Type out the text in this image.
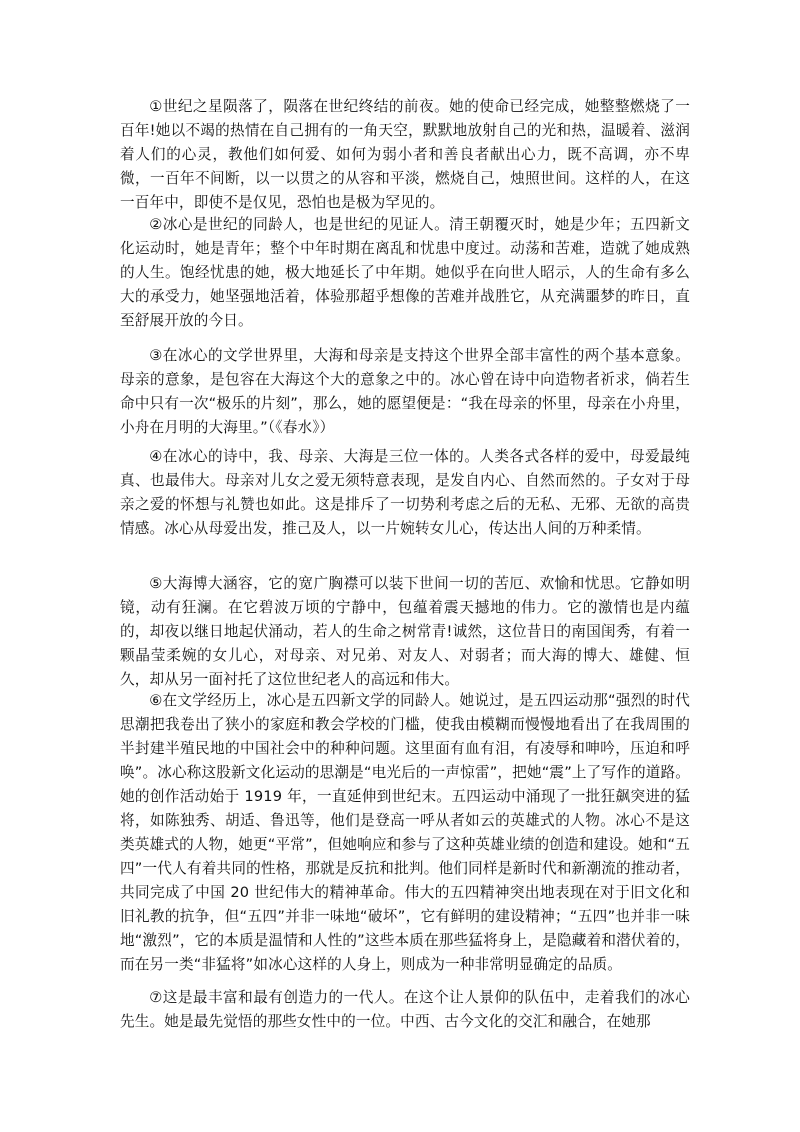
①世纪之星陨落了，陨落在世纪终结的前夜。她的使命已经完成，她整整燃烧了一百年!她以不竭的热情在自己拥有的一角天空，默默地放射自己的光和热，温暖着、滋润着人们的心灵，教他们如何爱、如何为弱小者和善良者献出心力，既不高调，亦不卑微，一百年不间断，以一以贯之的从容和平淡，燃烧自己，烛照世间。这样的人，在这一百年中，即使不是仅见，恐怕也是极为罕见的。

②冰心是世纪的同龄人，也是世纪的见证人。清王朝覆灭时，她是少年；五四新文化运动时，她是青年；整个中年时期在离乱和忧患中度过。动荡和苦难，造就了她成熟的人生。饱经忧患的她，极大地延长了中年期。她似乎在向世人昭示，人的生命有多么大的承受力，她坚强地活着，体验那超乎想像的苦难并战胜它，从充满噩梦的昨日，直至舒展开放的今日。

③在冰心的文学世界里，大海和母亲是支持这个世界全部丰富性的两个基本意象。母亲的意象，是包容在大海这个大的意象之中的。冰心曾在诗中向造物者祈求，倘若生命中只有一次“极乐的片刻”，那么，她的愿望便是：“我在母亲的怀里，母亲在小舟里，小舟在月明的大海里。”（《春水》）

④在冰心的诗中，我、母亲、大海是三位一体的。人类各式各样的爱中，母爱最纯真、也最伟大。母亲对儿女之爱无须特意表现，是发自内心、自然而然的。子女对于母亲之爱的怀想与礼赞也如此。这是排斥了一切势利考虑之后的无私、无邪、无欲的高贵情感。冰心从母爱出发，推己及人，以一片婉转女儿心，传达出人间的万种柔情。

⑤大海博大涵容，它的宽广胸襟可以装下世间一切的苦厄、欢愉和忧思。它静如明镜，动有狂澜。在它碧波万顷的宁静中，包蕴着震天撼地的伟力。它的激情也是内蕴的，却夜以继日地起伏涌动，若人的生命之树常青!诚然，这位昔日的南国闺秀，有着一颗晶莹柔婉的女儿心，对母亲、对兄弟、对友人、对弱者；而大海的博大、雄健、恒久，却从另一面衬托了这位世纪老人的高远和伟大。

⑥在文学经历上，冰心是五四新文学的同龄人。她说过，是五四运动那“强烈的时代思潮把我卷出了狭小的家庭和教会学校的门槛，使我由模糊而慢慢地看出了在我周围的半封建半殖民地的中国社会中的种种问题。这里面有血有泪，有凌辱和呻吟，压迫和呼唤”。冰心称这股新文化运动的思潮是“电光后的一声惊雷”，把她“震”上了写作的道路。她的创作活动始于 1919 年，一直延伸到世纪末。五四运动中涌现了一批狂飙突进的猛将，如陈独秀、胡适、鲁迅等，他们是登高一呼从者如云的英雄式的人物。冰心不是这类英雄式的人物，她更“平常”，但她响应和参与了这种英雄业绩的创造和建设。她和“五四”一代人有着共同的性格，那就是反抗和批判。他们同样是新时代和新潮流的推动者，共同完成了中国 20 世纪伟大的精神革命。伟大的五四精神突出地表现在对于旧文化和旧礼教的抗争，但“五四”并非一味地“破坏”，它有鲜明的建设精神；“五四”也并非一味地“激烈”，它的本质是温情和人性的”这些本质在那些猛将身上，是隐藏着和潜伏着的，而在另一类“非猛将”如冰心这样的人身上，则成为一种非常明显确定的品质。

⑦这是最丰富和最有创造力的一代人。在这个让人景仰的队伍中，走着我们的冰心先生。她是最先觉悟的那些女性中的一位。中西、古今文化的交汇和融合，在她那
